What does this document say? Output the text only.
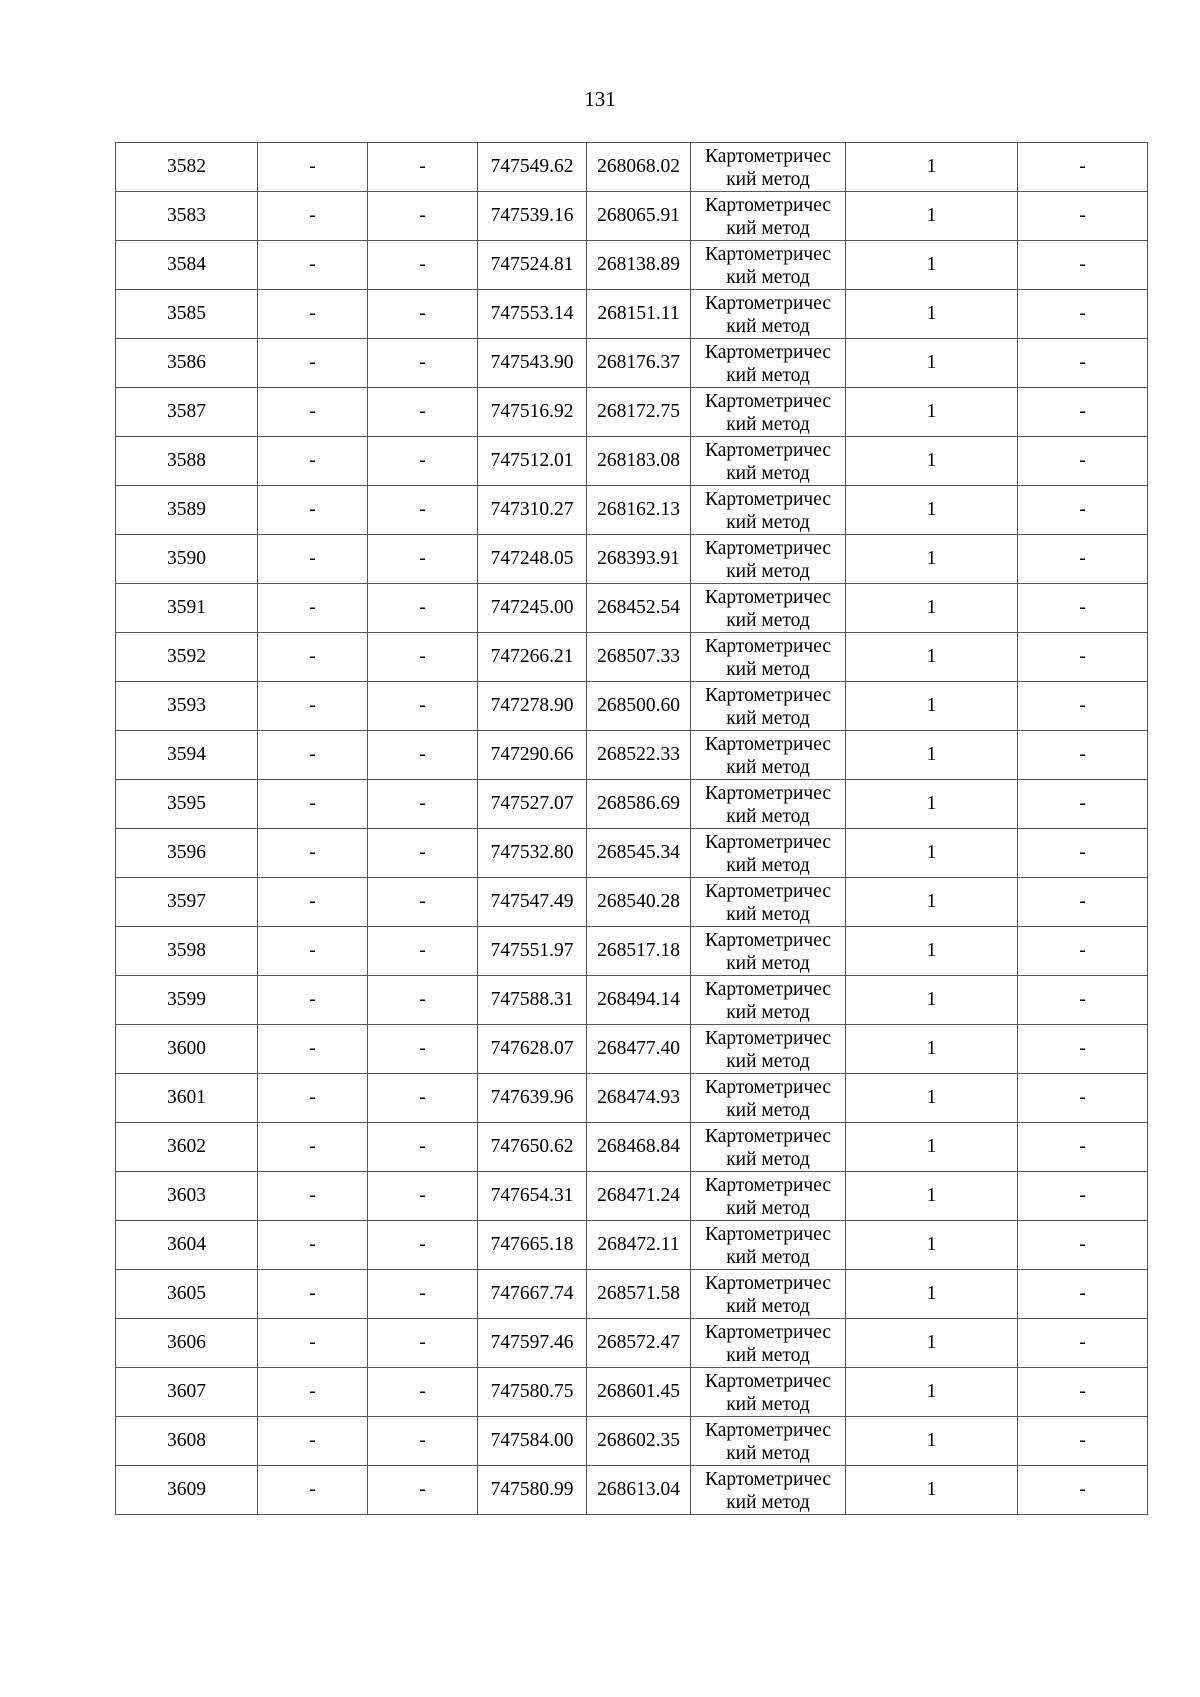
131
3582	-	-	747549.62	268068.02	Картометричес
кий метод	1	-
3583	-	-	747539.16	268065.91	Картометричес
кий метод	1	-
3584	-	-	747524.81	268138.89	Картометричес
кий метод	1	-
3585	-	-	747553.14	268151.11	Картометричес
кий метод	1	-
3586	-	-	747543.90	268176.37	Картометричес
кий метод	1	-
3587	-	-	747516.92	268172.75	Картометричес
кий метод	1	-
3588	-	-	747512.01	268183.08	Картометричес
кий метод	1	-
3589	-	-	747310.27	268162.13	Картометричес
кий метод	1	-
3590	-	-	747248.05	268393.91	Картометричес
кий метод	1	-
3591	-	-	747245.00	268452.54	Картометричес
кий метод	1	-
3592	-	-	747266.21	268507.33	Картометричес
кий метод	1	-
3593	-	-	747278.90	268500.60	Картометричес
кий метод	1	-
3594	-	-	747290.66	268522.33	Картометричес
кий метод	1	-
3595	-	-	747527.07	268586.69	Картометричес
кий метод	1	-
3596	-	-	747532.80	268545.34	Картометричес
кий метод	1	-
3597	-	-	747547.49	268540.28	Картометричес
кий метод	1	-
3598	-	-	747551.97	268517.18	Картометричес
кий метод	1	-
3599	-	-	747588.31	268494.14	Картометричес
кий метод	1	-
3600	-	-	747628.07	268477.40	Картометричес
кий метод	1	-
3601	-	-	747639.96	268474.93	Картометричес
кий метод	1	-
3602	-	-	747650.62	268468.84	Картометричес
кий метод	1	-
3603	-	-	747654.31	268471.24	Картометричес
кий метод	1	-
3604	-	-	747665.18	268472.11	Картометричес
кий метод	1	-
3605	-	-	747667.74	268571.58	Картометричес
кий метод	1	-
3606	-	-	747597.46	268572.47	Картометричес
кий метод	1	-
3607	-	-	747580.75	268601.45	Картометричес
кий метод	1	-
3608	-	-	747584.00	268602.35	Картометричес
кий метод	1	-
3609	-	-	747580.99	268613.04	Картометричес
кий метод	1	-
